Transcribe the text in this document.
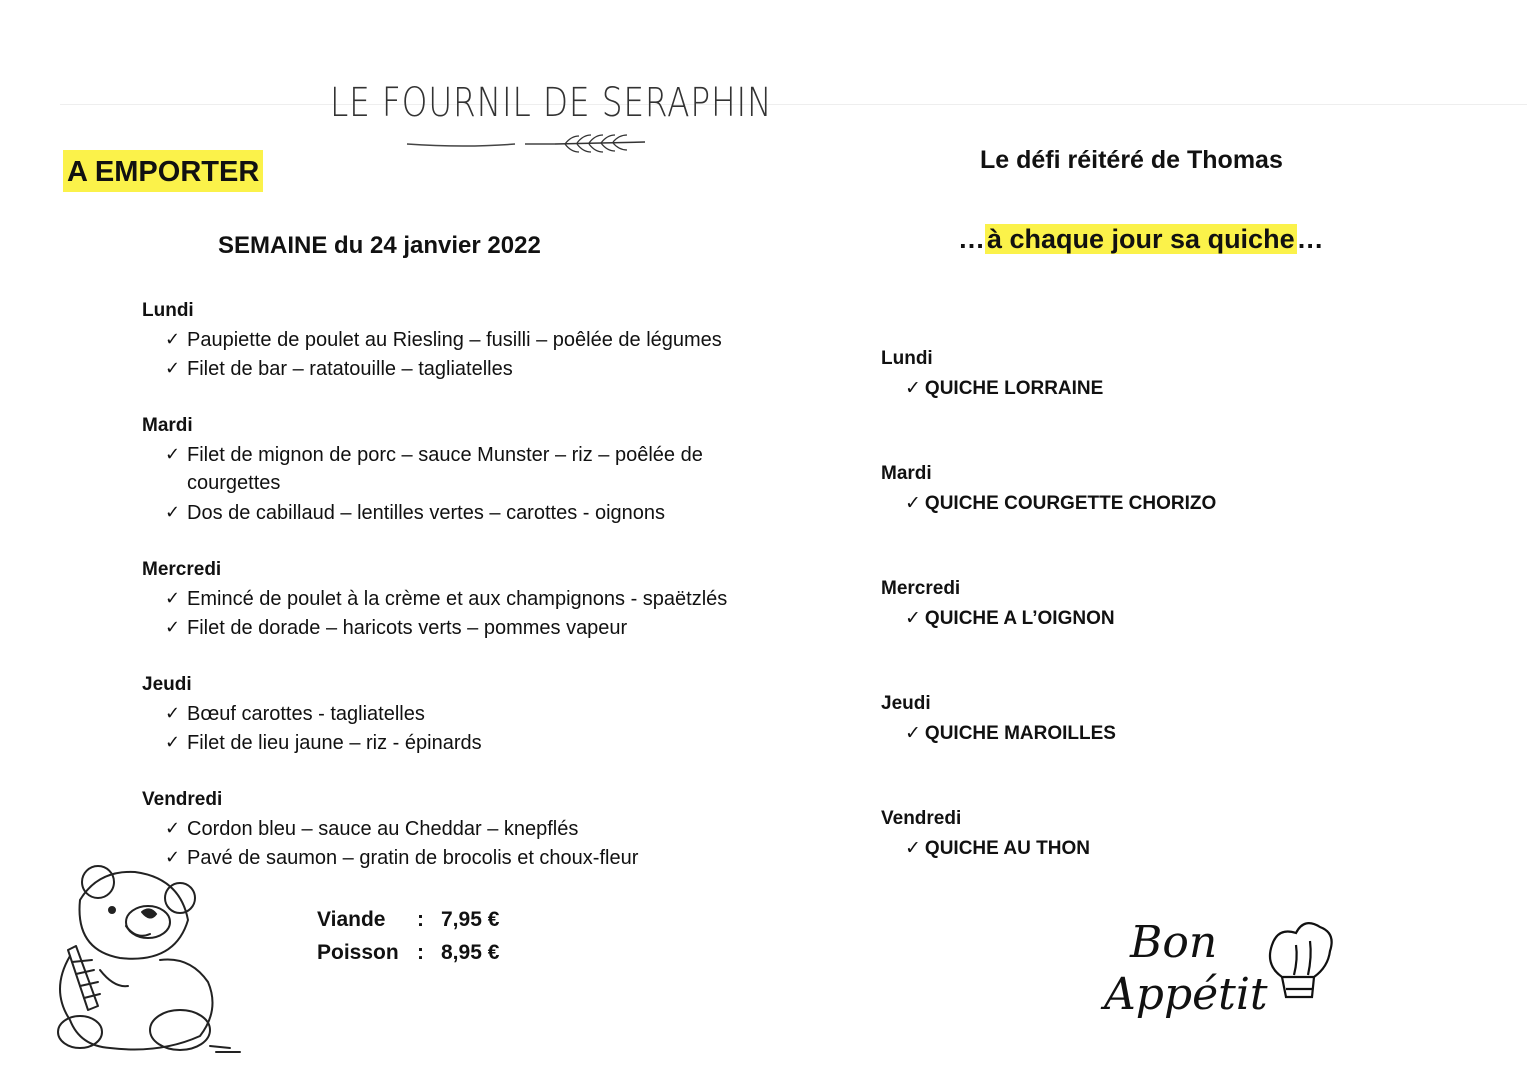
LE FOURNIL DE SERAPHIN
A EMPORTER
SEMAINE du 24 janvier 2022
Lundi
✓ Paupiette de poulet au Riesling – fusilli – poêlée de légumes
✓ Filet de bar – ratatouille – tagliatelles
Mardi
✓ Filet de mignon de porc – sauce Munster – riz – poêlée de courgettes
✓ Dos de cabillaud – lentilles vertes – carottes - oignons
Mercredi
✓ Emincé de poulet à la crème et aux champignons - spaëtzlés
✓ Filet de dorade – haricots verts – pommes vapeur
Jeudi
✓ Bœuf carottes - tagliatelles
✓ Filet de lieu jaune – riz - épinards
Vendredi
✓ Cordon bleu – sauce au Cheddar – knepflés
✓ Pavé de saumon – gratin de brocolis et choux-fleur
Viande : 7,95 €
Poisson : 8,95 €
Le défi réitéré de Thomas
…à chaque jour sa quiche…
Lundi
✓ QUICHE LORRAINE
Mardi
✓ QUICHE COURGETTE CHORIZO
Mercredi
✓ QUICHE A L’OIGNON
Jeudi
✓ QUICHE MAROILLES
Vendredi
✓ QUICHE AU THON
Bon
Appétit
